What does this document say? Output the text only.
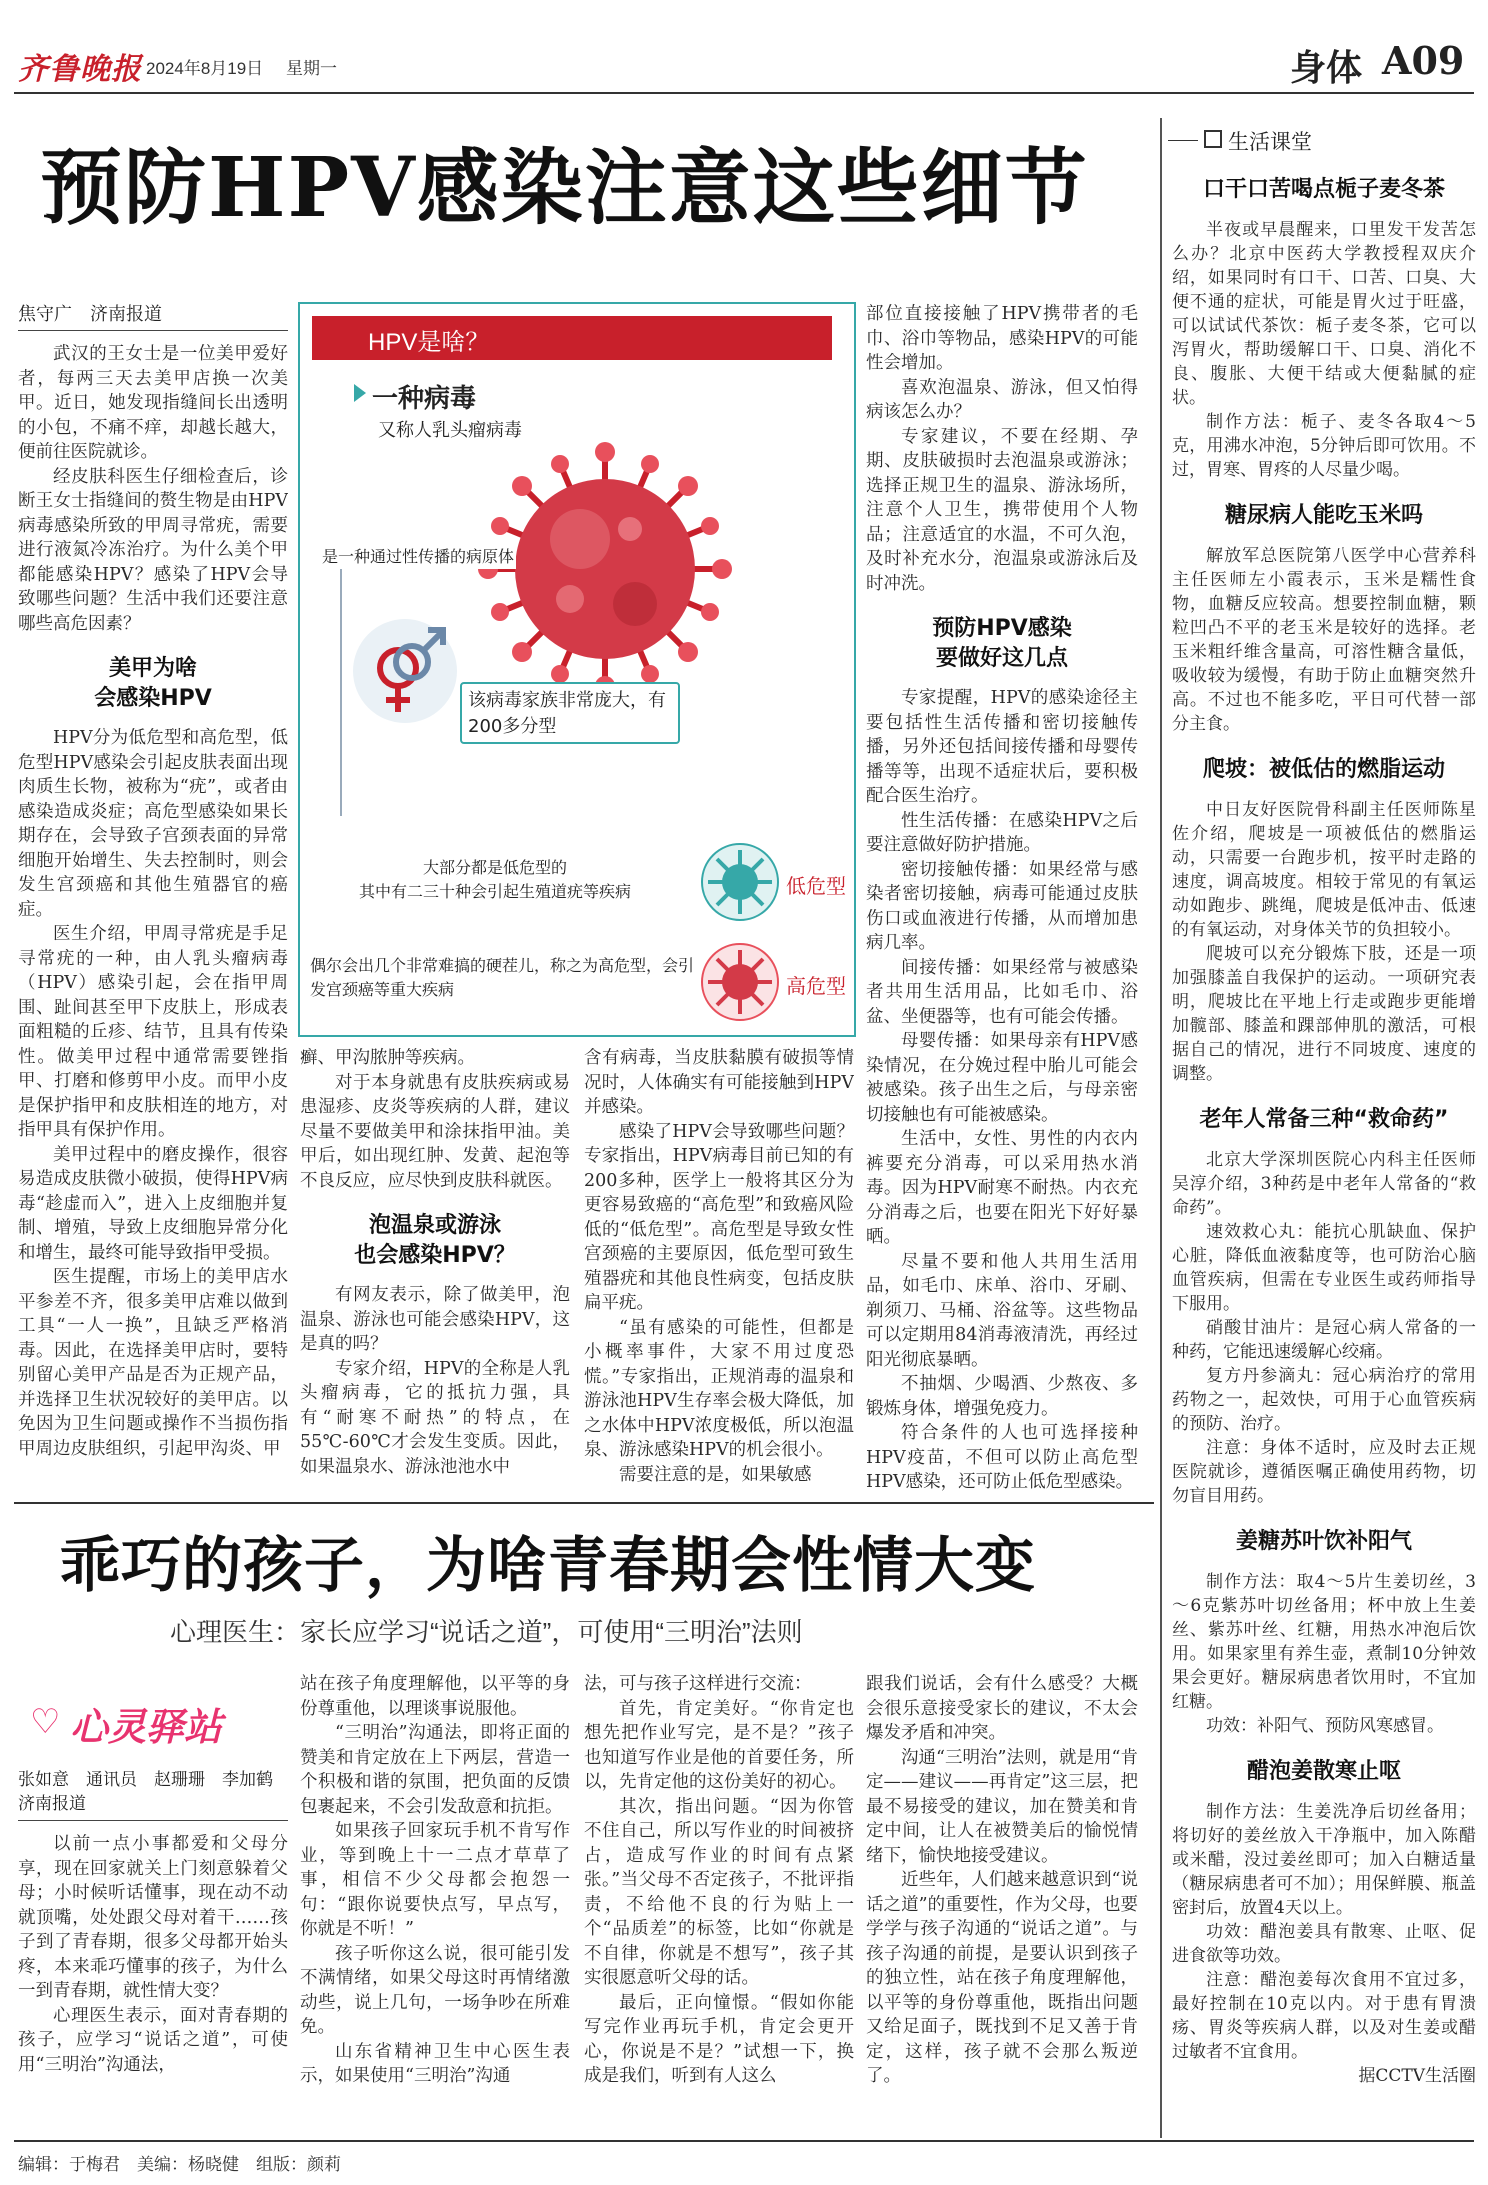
齐鲁晚报 2024年8月19日 星期一	身体 A09
预防HPV感染注意这些细节
焦守广　济南报道

武汉的王女士是一位美甲爱好者，每两三天去美甲店换一次美甲。近日，她发现指缝间长出透明的小包，不痛不痒，却越长越大，便前往医院就诊。

经皮肤科医生仔细检查后，诊断王女士指缝间的赘生物是由HPV病毒感染所致的甲周寻常疣，需要进行液氮冷冻治疗。为什么美个甲都能感染HPV？感染了HPV会导致哪些问题？生活中我们还要注意哪些高危因素？

美甲为啥
会感染HPV

HPV分为低危型和高危型，低危型HPV感染会引起皮肤表面出现肉质生长物，被称为“疣”，或者由感染造成炎症；高危型感染如果长期存在，会导致子宫颈表面的异常细胞开始增生、失去控制时，则会发生宫颈癌和其他生殖器官的癌症。

医生介绍，甲周寻常疣是手足寻常疣的一种，由人乳头瘤病毒（HPV）感染引起，会在指甲周围、趾间甚至甲下皮肤上，形成表面粗糙的丘疹、结节，且具有传染性。做美甲过程中通常需要锉指甲、打磨和修剪甲小皮。而甲小皮是保护指甲和皮肤相连的地方，对指甲具有保护作用。

美甲过程中的磨皮操作，很容易造成皮肤微小破损，使得HPV病毒“趁虚而入”，进入上皮细胞并复制、增殖，导致上皮细胞异常分化和增生，最终可能导致指甲受损。

医生提醒，市场上的美甲店水平参差不齐，很多美甲店难以做到工具“一人一换”，且缺乏严格消毒。因此，在选择美甲店时，要特别留心美甲产品是否为正规产品，并选择卫生状况较好的美甲店。以免因为卫生问题或操作不当损伤指甲周边皮肤组织，引起甲沟炎、甲

HPV是啥？
一种病毒
又称人乳头瘤病毒
是一种通过性传播的病原体
该病毒家族非常庞大，有200多分型
大部分都是低危型的
其中有二三十种会引起生殖道疣等疾病	低危型
偶尔会出几个非常难搞的硬茬儿，称之为高危型，会引发宫颈癌等重大疾病	高危型

癣、甲沟脓肿等疾病。

对于本身就患有皮肤疾病或易患湿疹、皮炎等疾病的人群，建议尽量不要做美甲和涂抹指甲油。美甲后，如出现红肿、发黄、起泡等不良反应，应尽快到皮肤科就医。

泡温泉或游泳
也会感染HPV？

有网友表示，除了做美甲，泡温泉、游泳也可能会感染HPV，这是真的吗？

专家介绍，HPV的全称是人乳头瘤病毒，它的抵抗力强，具有“耐寒不耐热”的特点，在55℃-60℃才会发生变质。因此，如果温泉水、游泳池池水中

含有病毒，当皮肤黏膜有破损等情况时，人体确实有可能接触到HPV并感染。

感染了HPV会导致哪些问题？专家指出，HPV病毒目前已知的有200多种，医学上一般将其区分为更容易致癌的“高危型”和致癌风险低的“低危型”。高危型是导致女性宫颈癌的主要原因，低危型可致生殖器疣和其他良性病变，包括皮肤扁平疣。

“虽有感染的可能性，但都是小概率事件，大家不用过度恐慌。”专家指出，正规消毒的温泉和游泳池HPV生存率会极大降低，加之水体中HPV浓度极低，所以泡温泉、游泳感染HPV的机会很小。

需要注意的是，如果敏感

部位直接接触了HPV携带者的毛巾、浴巾等物品，感染HPV的可能性会增加。

喜欢泡温泉、游泳，但又怕得病该怎么办？

专家建议，不要在经期、孕期、皮肤破损时去泡温泉或游泳；选择正规卫生的温泉、游泳场所，注意个人卫生，携带使用个人物品；注意适宜的水温，不可久泡，及时补充水分，泡温泉或游泳后及时冲洗。

预防HPV感染
要做好这几点

专家提醒，HPV的感染途径主要包括性生活传播和密切接触传播，另外还包括间接传播和母婴传播等等，出现不适症状后，要积极配合医生治疗。

性生活传播：在感染HPV之后要注意做好防护措施。

密切接触传播：如果经常与感染者密切接触，病毒可能通过皮肤伤口或血液进行传播，从而增加患病几率。

间接传播：如果经常与被感染者共用生活用品，比如毛巾、浴盆、坐便器等，也有可能会传播。

母婴传播：如果母亲有HPV感染情况，在分娩过程中胎儿可能会被感染。孩子出生之后，与母亲密切接触也有可能被感染。

生活中，女性、男性的内衣内裤要充分消毒，可以采用热水消毒。因为HPV耐寒不耐热。内衣充分消毒之后，也要在阳光下好好暴晒。

尽量不要和他人共用生活用品，如毛巾、床单、浴巾、牙刷、剃须刀、马桶、浴盆等。这些物品可以定期用84消毒液清洗，再经过阳光彻底暴晒。

不抽烟、少喝酒、少熬夜、多锻炼身体，增强免疫力。

符合条件的人也可选择接种HPV疫苗，不但可以防止高危型HPV感染，还可防止低危型感染。

乖巧的孩子，为啥青春期会性情大变
心理医生：家长应学习“说话之道”，可使用“三明治”法则
♡ 心灵驿站
张如意　通讯员　赵珊珊　李加鹤
济南报道

以前一点小事都爱和父母分享，现在回家就关上门刻意躲着父母；小时候听话懂事，现在动不动就顶嘴，处处跟父母对着干……孩子到了青春期，很多父母都开始头疼，本来乖巧懂事的孩子，为什么一到青春期，就性情大变？

心理医生表示，面对青春期的孩子，应学习“说话之道”，可使用“三明治”沟通法，

站在孩子角度理解他，以平等的身份尊重他，以理谈事说服他。

“三明治”沟通法，即将正面的赞美和肯定放在上下两层，营造一个积极和谐的氛围，把负面的反馈包裹起来，不会引发敌意和抗拒。

如果孩子回家玩手机不肯写作业，等到晚上十一二点才草草了事，相信不少父母都会抱怨一句：“跟你说要快点写，早点写，你就是不听！”

孩子听你这么说，很可能引发不满情绪，如果父母这时再情绪激动些，说上几句，一场争吵在所难免。

山东省精神卫生中心医生表示，如果使用“三明治”沟通

法，可与孩子这样进行交流：

首先，肯定美好。“你肯定也想先把作业写完，是不是？”孩子也知道写作业是他的首要任务，所以，先肯定他的这份美好的初心。

其次，指出问题。“因为你管不住自己，所以写作业的时间被挤占，造成写作业的时间有点紧张。”当父母不否定孩子，不批评指责，不给他不良的行为贴上一个“品质差”的标签，比如“你就是不自律，你就是不想写”，孩子其实很愿意听父母的话。

最后，正向憧憬。“假如你能写完作业再玩手机，肯定会更开心，你说是不是？”试想一下，换成是我们，听到有人这么

跟我们说话，会有什么感受？大概会很乐意接受家长的建议，不太会爆发矛盾和冲突。

沟通“三明治”法则，就是用“肯定——建议——再肯定”这三层，把最不易接受的建议，加在赞美和肯定中间，让人在被赞美后的愉悦情绪下，愉快地接受建议。

近些年，人们越来越意识到“说话之道”的重要性，作为父母，也要学学与孩子沟通的“说话之道”。与孩子沟通的前提，是要认识到孩子的独立性，站在孩子角度理解他，以平等的身份尊重他，既指出问题又给足面子，既找到不足又善于肯定，这样，孩子就不会那么叛逆了。

生活课堂
口干口苦喝点栀子麦冬茶

半夜或早晨醒来，口里发干发苦怎么办？北京中医药大学教授程双庆介绍，如果同时有口干、口苦、口臭、大便不通的症状，可能是胃火过于旺盛，可以试试代茶饮：栀子麦冬茶，它可以泻胃火，帮助缓解口干、口臭、消化不良、腹胀、大便干结或大便黏腻的症状。

制作方法：栀子、麦冬各取4～5克，用沸水冲泡，5分钟后即可饮用。不过，胃寒、胃疼的人尽量少喝。

糖尿病人能吃玉米吗

解放军总医院第八医学中心营养科主任医师左小霞表示，玉米是糯性食物，血糖反应较高。想要控制血糖，颗粒凹凸不平的老玉米是较好的选择。老玉米粗纤维含量高，可溶性糖含量低，吸收较为缓慢，有助于防止血糖突然升高。不过也不能多吃，平日可代替一部分主食。

爬坡：被低估的燃脂运动

中日友好医院骨科副主任医师陈星佐介绍，爬坡是一项被低估的燃脂运动，只需要一台跑步机，按平时走路的速度，调高坡度。相较于常见的有氧运动如跑步、跳绳，爬坡是低冲击、低速的有氧运动，对身体关节的负担较小。

爬坡可以充分锻炼下肢，还是一项加强膝盖自我保护的运动。一项研究表明，爬坡比在平地上行走或跑步更能增加髋部、膝盖和踝部伸肌的激活，可根据自己的情况，进行不同坡度、速度的调整。

老年人常备三种“救命药”

北京大学深圳医院心内科主任医师吴淳介绍，3种药是中老年人常备的“救命药”。

速效救心丸：能抗心肌缺血、保护心脏，降低血液黏度等，也可防治心脑血管疾病，但需在专业医生或药师指导下服用。

硝酸甘油片：是冠心病人常备的一种药，它能迅速缓解心绞痛。

复方丹参滴丸：冠心病治疗的常用药物之一，起效快，可用于心血管疾病的预防、治疗。

注意：身体不适时，应及时去正规医院就诊，遵循医嘱正确使用药物，切勿盲目用药。

姜糖苏叶饮补阳气

制作方法：取4～5片生姜切丝，3～6克紫苏叶切丝备用；杯中放上生姜丝、紫苏叶丝、红糖，用热水冲泡后饮用。如果家里有养生壶，煮制10分钟效果会更好。糖尿病患者饮用时，不宜加红糖。

功效：补阳气、预防风寒感冒。

醋泡姜散寒止呕

制作方法：生姜洗净后切丝备用；将切好的姜丝放入干净瓶中，加入陈醋或米醋，没过姜丝即可；加入白糖适量（糖尿病患者可不加）；用保鲜膜、瓶盖密封后，放置4天以上。

功效：醋泡姜具有散寒、止呕、促进食欲等功效。

注意：醋泡姜每次食用不宜过多，最好控制在10克以内。对于患有胃溃疡、胃炎等疾病人群，以及对生姜或醋过敏者不宜食用。

据CCTV生活圈

编辑：于梅君　美编：杨晓健　组版：颜莉
